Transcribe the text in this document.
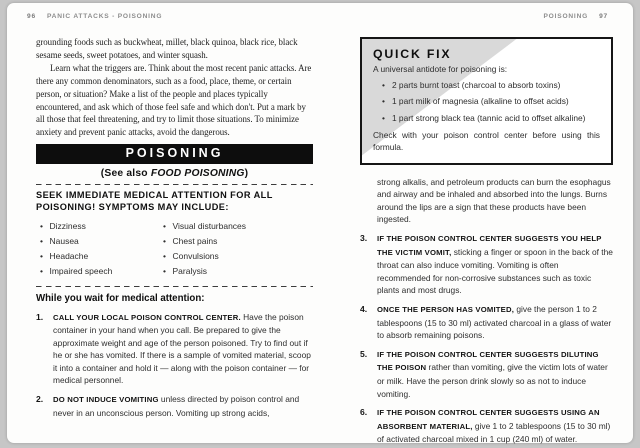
96 PANIC ATTACKS - POISONING	POISONING 97

grounding foods such as buckwheat, millet, black quinoa, black rice, black sesame seeds, sweet potatoes, and winter squash.

Learn what the triggers are. Think about the most recent panic attacks. Are there any common denominators, such as a food, place, theme, or certain person, or situation? Make a list of the people and places typically encountered, and ask which of those feel safe and which don't. Put a mark by all those that feel threatening, and try to limit those situations. To minimize anxiety and prevent panic attacks, avoid the dangerous.

POISONING
(See also FOOD POISONING)
SEEK IMMEDIATE MEDICAL ATTENTION FOR ALL POISONING! SYMPTOMS MAY INCLUDE:
• Dizziness
• Nausea
• Headache
• Impaired speech
• Visual disturbances
• Chest pains
• Convulsions
• Paralysis
While you wait for medical attention:
1.	CALL YOUR LOCAL POISON CONTROL CENTER. Have the poison container in your hand when you call. Be prepared to give the approximate weight and age of the person poisoned. Try to find out if he or she has vomited. If there is a sample of vomited material, scoop it into a container and hold it — along with the poison container — for medical personnel.
2.	DO NOT INDUCE VOMITING unless directed by poison control and never in an unconscious person. Vomiting up strong acids,
QUICK FIX
A universal antidote for poisoning is:
• 2 parts burnt toast (charcoal to absorb toxins)
• 1 part milk of magnesia (alkaline to offset acids)
• 1 part strong black tea (tannic acid to offset alkaline)
Check with your poison control center before using this formula.

strong alkalis, and petroleum products can burn the esophagus and airway and be inhaled and absorbed into the lungs. Burns around the lips are a sign that these products have been ingested.

3.	IF THE POISON CONTROL CENTER SUGGESTS YOU HELP THE VICTIM VOMIT, sticking a finger or spoon in the back of the throat can also induce vomiting. Vomiting is often recommended for non-corrosive substances such as toxic plants and most drugs.
4.	ONCE THE PERSON HAS VOMITED, give the person 1 to 2 tablespoons (15 to 30 ml) activated charcoal in a glass of water to absorb remaining poisons.
5.	IF THE POISON CONTROL CENTER SUGGESTS DILUTING THE POISON rather than vomiting, give the victim lots of water or milk. Have the person drink slowly so as not to induce vomiting.
6.	IF THE POISON CONTROL CENTER SUGGESTS USING AN ABSORBENT MATERIAL, give 1 to 2 tablespoons (15 to 30 ml) of activated charcoal mixed in 1 cup (240 ml) of water.
